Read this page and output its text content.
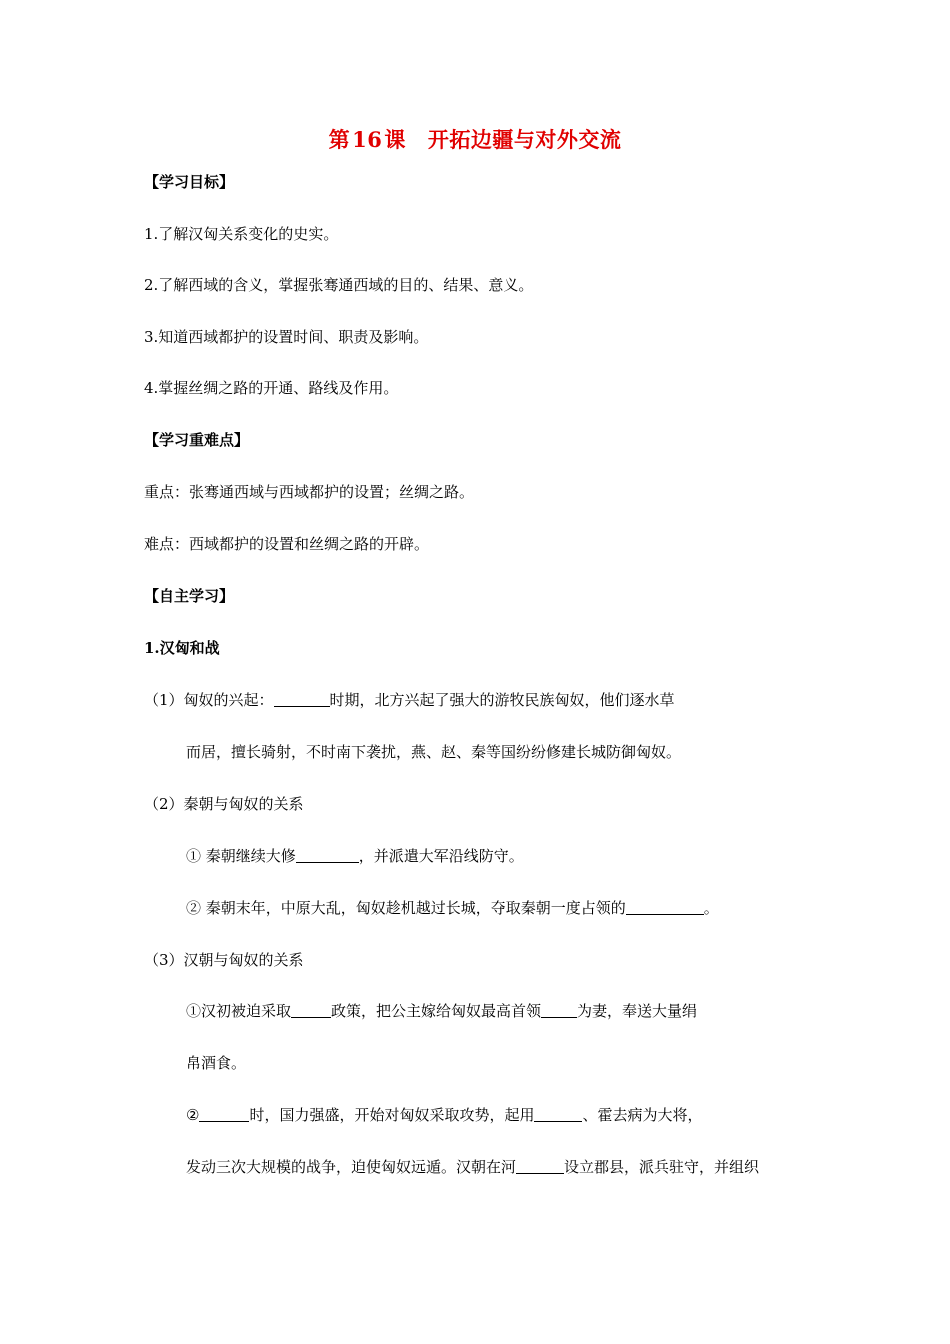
第16课 开拓边疆与对外交流
【学习目标】
1.了解汉匈关系变化的史实。
2.了解西域的含义，掌握张骞通西域的目的、结果、意义。
3.知道西域都护的设置时间、职责及影响。
4.掌握丝绸之路的开通、路线及作用。
【学习重难点】
重点：张骞通西域与西域都护的设置；丝绸之路。
难点：西域都护的设置和丝绸之路的开辟。
【自主学习】
1.汉匈和战
（1）匈奴的兴起：	时期，北方兴起了强大的游牧民族匈奴，他们逐水草
而居，擅长骑射，不时南下袭扰，燕、赵、秦等国纷纷修建长城防御匈奴。
（2）秦朝与匈奴的关系
① 秦朝继续大修	，并派遣大军沿线防守。
② 秦朝末年，中原大乱，匈奴趁机越过长城，夺取秦朝一度占领的	。
（3）汉朝与匈奴的关系
①汉初被迫采取	政策，把公主嫁给匈奴最高首领 为妻，奉送大量绢
帛酒食。
②	时，国力强盛，开始对匈奴采取攻势，起用	、霍去病为大将，
发动三次大规模的战争，迫使匈奴远遁。汉朝在河	设立郡县，派兵驻守，并组织
